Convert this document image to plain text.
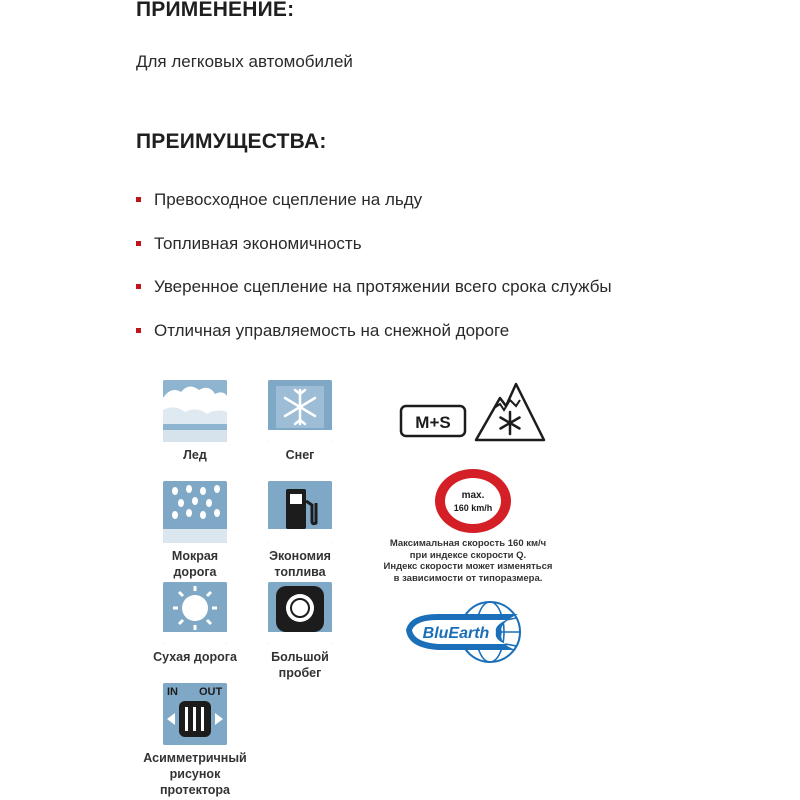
ПРИМЕНЕНИЕ:
Для легковых автомобилей
ПРЕИМУЩЕСТВА:
Превосходное сцепление на льду
Топливная экономичность
Уверенное сцепление на протяжении всего срока службы
Отличная управляемость на снежной дороге
Лед	Снег
Мокрая
дорога
Экономия
топлива
Сухая дорога	Большой
пробег
IN OUT
Асимметричный
рисунок
протектора
M+S
max.
160 km/h
Максимальная скорость 160 км/ч
при индексе скорости Q.
Индекс скорости может изменяться
в зависимости от типоразмера.
BluEarth
